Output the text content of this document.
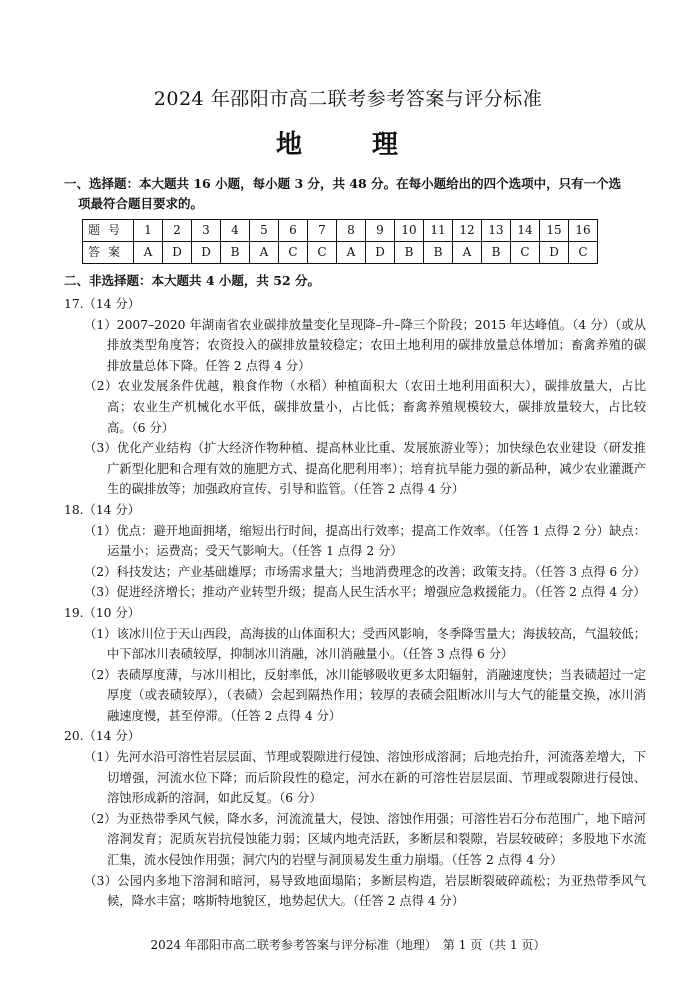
2024 年邵阳市高二联考参考答案与评分标准
地　理
一、选择题：本大题共 16 小题，每小题 3 分，共 48 分。在每小题给出的四个选项中，只有一个选
项最符合题目要求的。
题号	1	2	3	4	5	6	7	8	9	10	11	12	13	14	15	16
答案	A	D	D	B	A	C	C	A	D	B	B	A	B	C	D	C
二、非选择题：本大题共 4 小题，共 52 分。
17.（14 分）
（1）2007–2020 年湖南省农业碳排放量变化呈现降–升–降三个阶段；2015 年达峰值。（4 分）（或从排放类型角度答；农资投入的碳排放量较稳定；农田土地利用的碳排放量总体增加；畜禽养殖的碳排放量总体下降。任答 2 点得 4 分）
（2）农业发展条件优越，粮食作物（水稻）种植面积大（农田土地利用面积大），碳排放量大，占比高；农业生产机械化水平低，碳排放量小，占比低；畜禽养殖规模较大，碳排放量较大，占比较高。（6 分）
（3）优化产业结构（扩大经济作物种植、提高林业比重、发展旅游业等）；加快绿色农业建设（研发推广新型化肥和合理有效的施肥方式、提高化肥利用率）；培育抗旱能力强的新品种，减少农业灌溉产生的碳排放等；加强政府宣传、引导和监管。（任答 2 点得 4 分）
18.（14 分）
（1）优点：避开地面拥堵，缩短出行时间，提高出行效率；提高工作效率。（任答 1 点得 2 分）缺点：运量小；运费高；受天气影响大。（任答 1 点得 2 分）
（2）科技发达；产业基础雄厚；市场需求量大；当地消费理念的改善；政策支持。（任答 3 点得 6 分）
（3）促进经济增长；推动产业转型升级；提高人民生活水平；增强应急救援能力。（任答 2 点得 4 分）
19.（10 分）
（1）该冰川位于天山西段，高海拔的山体面积大；受西风影响，冬季降雪量大；海拔较高，气温较低；中下部冰川表碛较厚，抑制冰川消融，冰川消融量小。（任答 3 点得 6 分）
（2）表碛厚度薄，与冰川相比，反射率低，冰川能够吸收更多太阳辐射，消融速度快；当表碛超过一定厚度（或表碛较厚），（表碛）会起到隔热作用；较厚的表碛会阻断冰川与大气的能量交换，冰川消融速度慢，甚至停滞。（任答 2 点得 4 分）
20.（14 分）
（1）先河水沿可溶性岩层层面、节理或裂隙进行侵蚀、溶蚀形成溶洞；后地壳抬升，河流落差增大，下切增强，河流水位下降；而后阶段性的稳定，河水在新的可溶性岩层层面、节理或裂隙进行侵蚀、溶蚀形成新的溶洞，如此反复。（6 分）
（2）为亚热带季风气候，降水多，河流流量大，侵蚀、溶蚀作用强；可溶性岩石分布范围广，地下暗河溶洞发育；泥质灰岩抗侵蚀能力弱；区域内地壳活跃，多断层和裂隙，岩层较破碎；多股地下水流汇集，流水侵蚀作用强；洞穴内的岩壁与洞顶易发生重力崩塌。（任答 2 点得 4 分）
（3）公园内多地下溶洞和暗河，易导致地面塌陷；多断层构造，岩层断裂破碎疏松；为亚热带季风气候，降水丰富；喀斯特地貌区，地势起伏大。（任答 2 点得 4 分）
2024 年邵阳市高二联考参考答案与评分标准（地理）　第 1 页（共 1 页）
